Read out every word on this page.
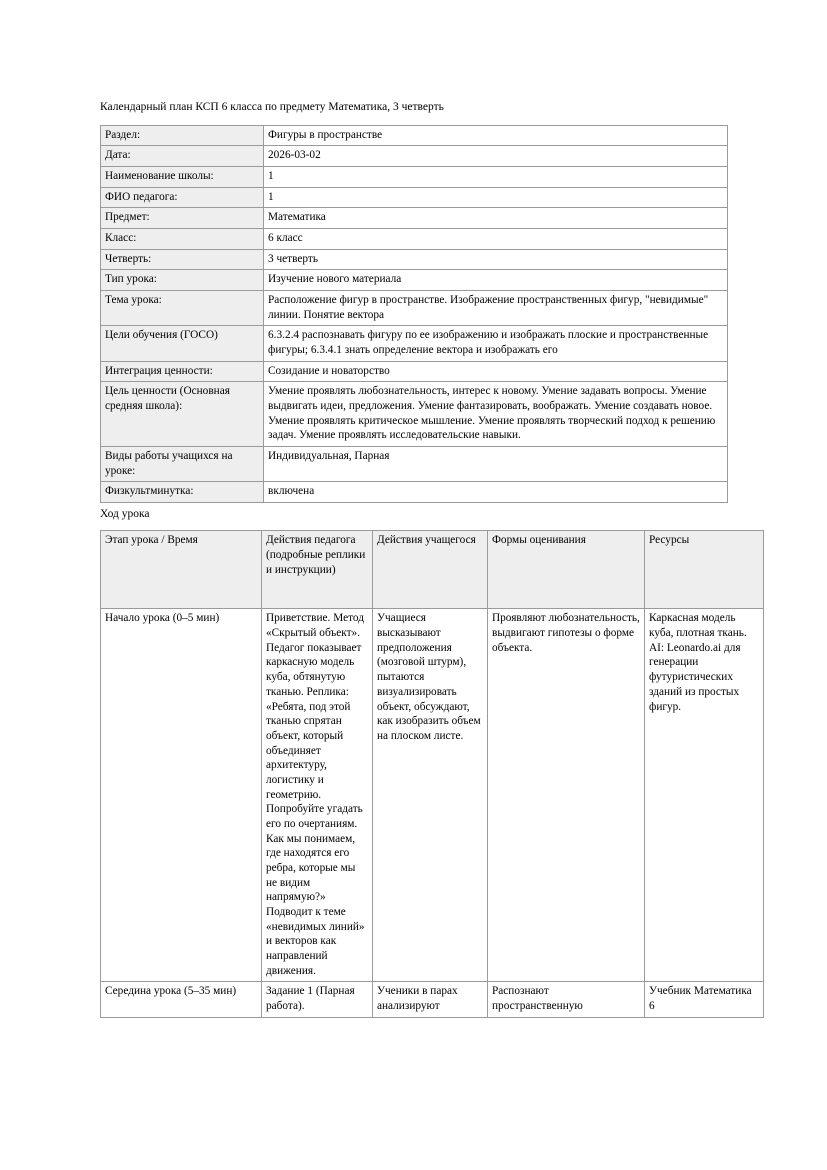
Календарный план КСП 6 класса по предмету Математика, 3 четверть

Раздел:	Фигуры в пространстве
Дата:	2026-03-02
Наименование школы:	1
ФИО педагога:	1
Предмет:	Математика
Класс:	6 класс
Четверть:	3 четверть
Тип урока:	Изучение нового материала
Тема урока:	Расположение фигур в пространстве. Изображение пространственных фигур, "невидимые" линии. Понятие вектора
Цели обучения (ГОСО)	6.3.2.4 распознавать фигуру по ее изображению и изображать плоские и пространственные фигуры; 6.3.4.1 знать определение вектора и изображать его
Интеграция ценности:	Созидание и новаторство
Цель ценности (Основная средняя школа):	Умение проявлять любознательность, интерес к новому. Умение задавать вопросы. Умение выдвигать идеи, предложения. Умение фантазировать, воображать. Умение создавать новое. Умение проявлять критическое мышление. Умение проявлять творческий подход к решению задач. Умение проявлять исследовательские навыки.
Виды работы учащихся на уроке:	Индивидуальная, Парная
Физкультминутка:	включена

Ход урока

Этап урока / Время	Действия педагога (подробные реплики и инструкции)	Действия учащегося	Формы оценивания	Ресурсы
Начало урока (0–5 мин)	Приветствие. Метод «Скрытый объект». Педагог показывает каркасную модель куба, обтянутую тканью. Реплика: «Ребята, под этой тканью спрятан объект, который объединяет архитектуру, логистику и геометрию. Попробуйте угадать его по очертаниям. Как мы понимаем, где находятся его ребра, которые мы не видим напрямую?» Подводит к теме «невидимых линий» и векторов как направлений движения.	Учащиеся высказывают предположения (мозговой штурм), пытаются визуализировать объект, обсуждают, как изобразить объем на плоском листе.	Проявляют любознательность, выдвигают гипотезы о форме объекта.	Каркасная модель куба, плотная ткань. AI: Leonardo.ai для генерации футуристических зданий из простых фигур.
Середина урока (5–35 мин)	Задание 1 (Парная работа).	Ученики в парах анализируют	Распознают пространственную	Учебник Математика 6
